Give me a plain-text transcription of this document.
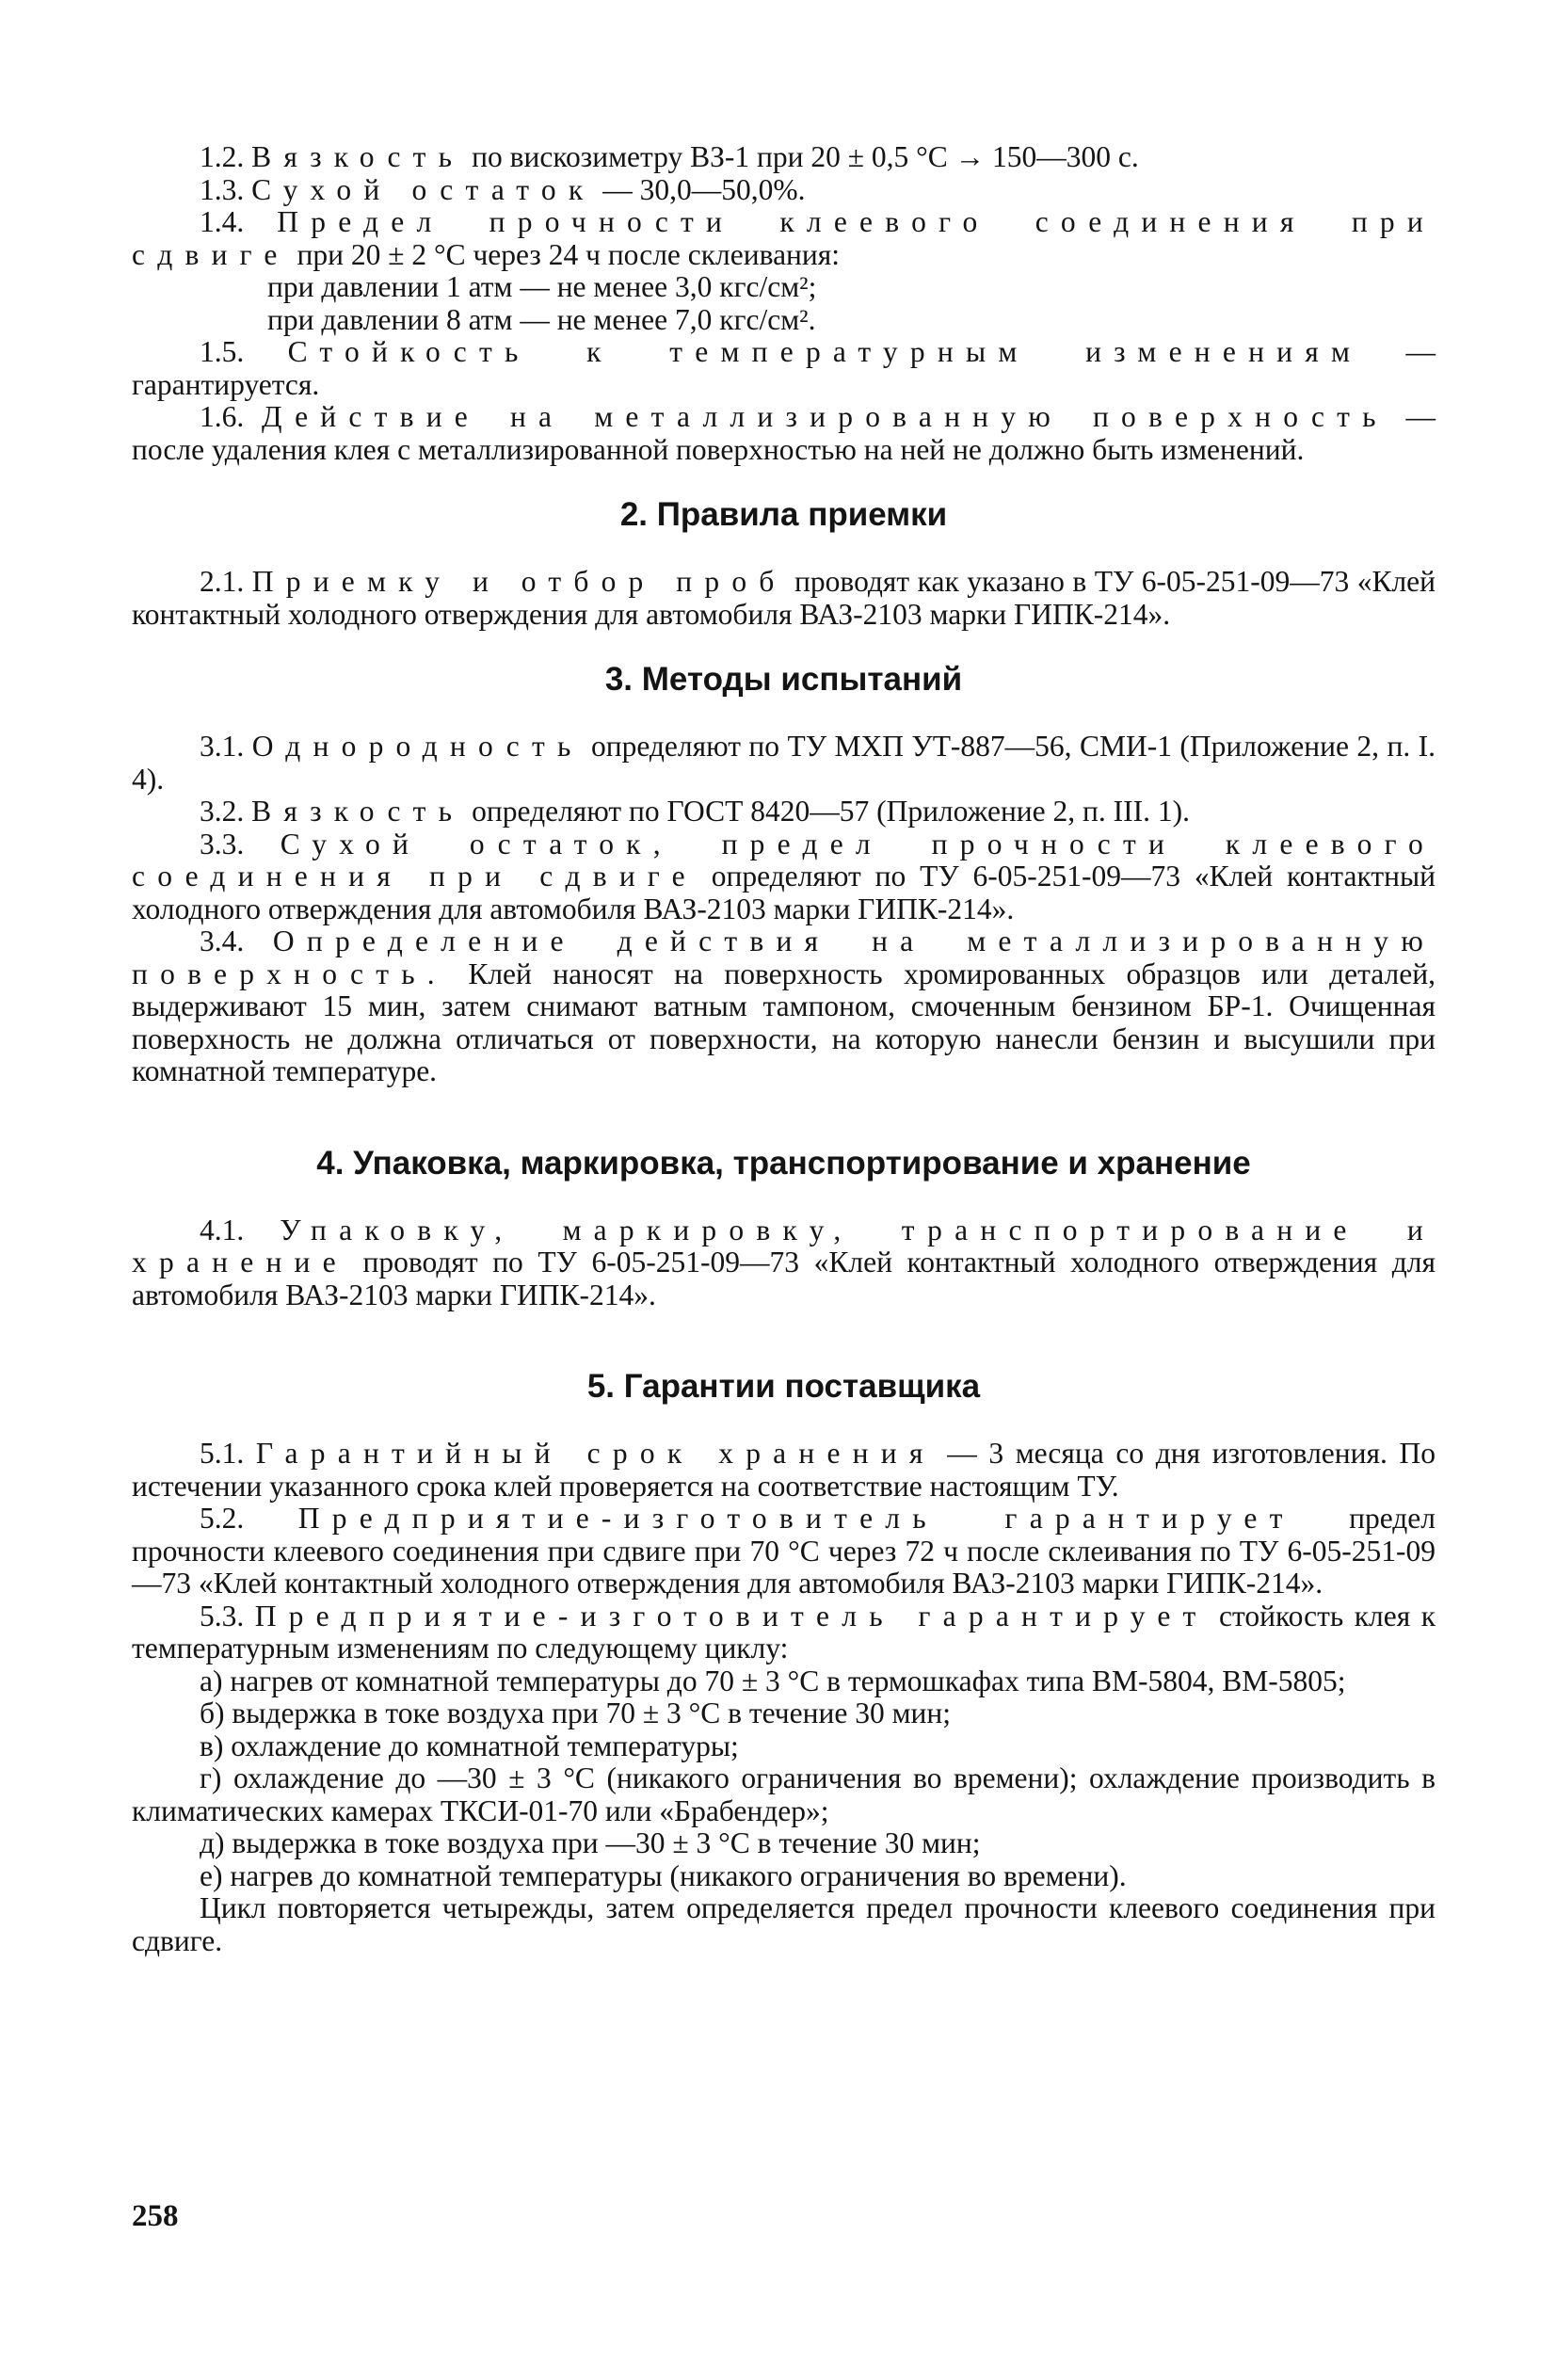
1.2. Вязкость по вискозиметру ВЗ-1 при 20 ± 0,5 °С → 150—300 с.

1.3. Сухой остаток — 30,0—50,0%.

1.4. Предел прочности клеевого соединения при сдвиге при 20 ± 2 °С через 24 ч после склеивания:

при давлении 1 атм — не менее 3,0 кгс/см²;

при давлении 8 атм — не менее 7,0 кгс/см².

1.5. Стойкость к температурным изменениям — гарантируется.

1.6. Действие на металлизированную поверхность — после удаления клея с металлизированной поверхностью на ней не должно быть изменений.

2. Правила приемки

2.1. Приемку и отбор проб проводят как указано в ТУ 6-05-251-09—73 «Клей контактный холодного отверждения для автомобиля ВАЗ-2103 марки ГИПК-214».

3. Методы испытаний

3.1. Однородность определяют по ТУ МХП УТ-887—56, СМИ-1 (Приложение 2, п. I. 4).

3.2. Вязкость определяют по ГОСТ 8420—57 (Приложение 2, п. III. 1).

3.3. Сухой остаток, предел прочности клеевого соединения при сдвиге определяют по ТУ 6-05-251-09—73 «Клей контактный холодного отверждения для автомобиля ВАЗ-2103 марки ГИПК-214».

3.4. Определение действия на металлизированную поверхность. Клей наносят на поверхность хромированных образцов или деталей, выдерживают 15 мин, затем снимают ватным тампоном, смоченным бензином БР-1. Очищенная поверхность не должна отличаться от поверхности, на которую нанесли бензин и высушили при комнатной температуре.

4. Упаковка, маркировка, транспортирование и хранение

4.1. Упаковку, маркировку, транспортирование и хранение проводят по ТУ 6-05-251-09—73 «Клей контактный холодного отверждения для автомобиля ВАЗ-2103 марки ГИПК-214».

5. Гарантии поставщика

5.1. Гарантийный срок хранения — 3 месяца со дня изготовления. По истечении указанного срока клей проверяется на соответствие настоящим ТУ.

5.2. Предприятие-изготовитель гарантирует предел прочности клеевого соединения при сдвиге при 70 °С через 72 ч после склеивания по ТУ 6-05-251-09—73 «Клей контактный холодного отверждения для автомобиля ВАЗ-2103 марки ГИПК-214».

5.3. Предприятие-изготовитель гарантирует стойкость клея к температурным изменениям по следующему циклу:

а) нагрев от комнатной температуры до 70 ± 3 °С в термошкафах типа ВМ-5804, ВМ-5805;

б) выдержка в токе воздуха при 70 ± 3 °С в течение 30 мин;

в) охлаждение до комнатной температуры;

г) охлаждение до —30 ± 3 °С (никакого ограничения во времени); охлаждение производить в климатических камерах ТКСИ-01-70 или «Брабендер»;

д) выдержка в токе воздуха при —30 ± 3 °С в течение 30 мин;

е) нагрев до комнатной температуры (никакого ограничения во времени).

Цикл повторяется четырежды, затем определяется предел прочности клеевого соединения при сдвиге.

258
